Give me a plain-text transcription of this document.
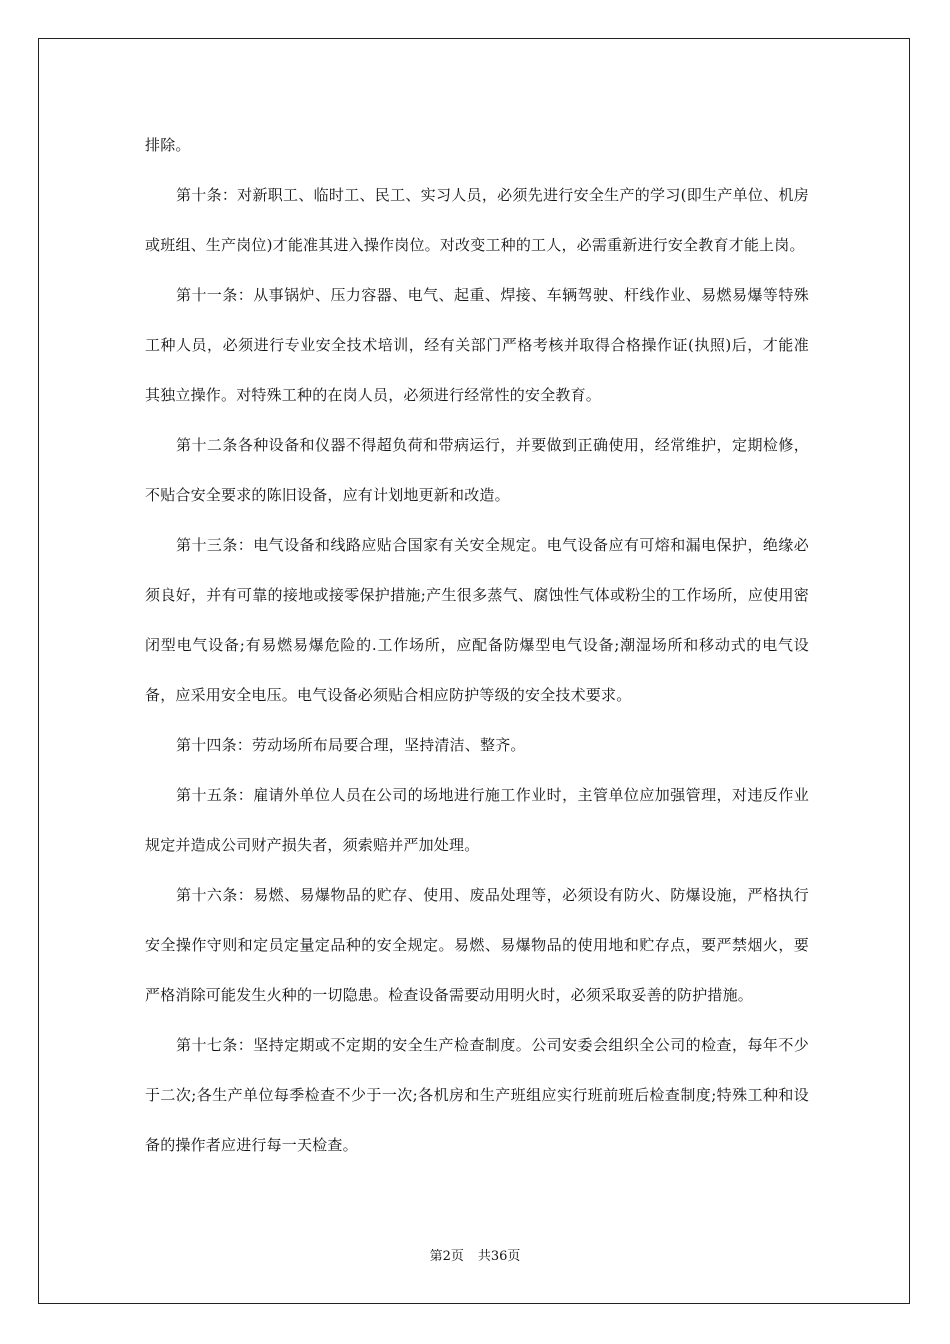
排除。

第十条：对新职工、临时工、民工、实习人员，必须先进行安全生产的学习(即生产单位、机房或班组、生产岗位)才能准其进入操作岗位。对改变工种的工人，必需重新进行安全教育才能上岗。

第十一条：从事锅炉、压力容器、电气、起重、焊接、车辆驾驶、杆线作业、易燃易爆等特殊工种人员，必须进行专业安全技术培训，经有关部门严格考核并取得合格操作证(执照)后，才能准其独立操作。对特殊工种的在岗人员，必须进行经常性的安全教育。

第十二条各种设备和仪器不得超负荷和带病运行，并要做到正确使用，经常维护，定期检修，不贴合安全要求的陈旧设备，应有计划地更新和改造。

第十三条：电气设备和线路应贴合国家有关安全规定。电气设备应有可熔和漏电保护，绝缘必须良好，并有可靠的接地或接零保护措施;产生很多蒸气、腐蚀性气体或粉尘的工作场所，应使用密闭型电气设备;有易燃易爆危险的.工作场所，应配备防爆型电气设备;潮湿场所和移动式的电气设备，应采用安全电压。电气设备必须贴合相应防护等级的安全技术要求。

第十四条：劳动场所布局要合理，坚持清洁、整齐。

第十五条：雇请外单位人员在公司的场地进行施工作业时，主管单位应加强管理，对违反作业规定并造成公司财产损失者，须索赔并严加处理。

第十六条：易燃、易爆物品的贮存、使用、废品处理等，必须设有防火、防爆设施，严格执行安全操作守则和定员定量定品种的安全规定。易燃、易爆物品的使用地和贮存点，要严禁烟火，要严格消除可能发生火种的一切隐患。检查设备需要动用明火时，必须采取妥善的防护措施。

第十七条：坚持定期或不定期的安全生产检查制度。公司安委会组织全公司的检查，每年不少于二次;各生产单位每季检查不少于一次;各机房和生产班组应实行班前班后检查制度;特殊工种和设备的操作者应进行每一天检查。

第2页 共36页
